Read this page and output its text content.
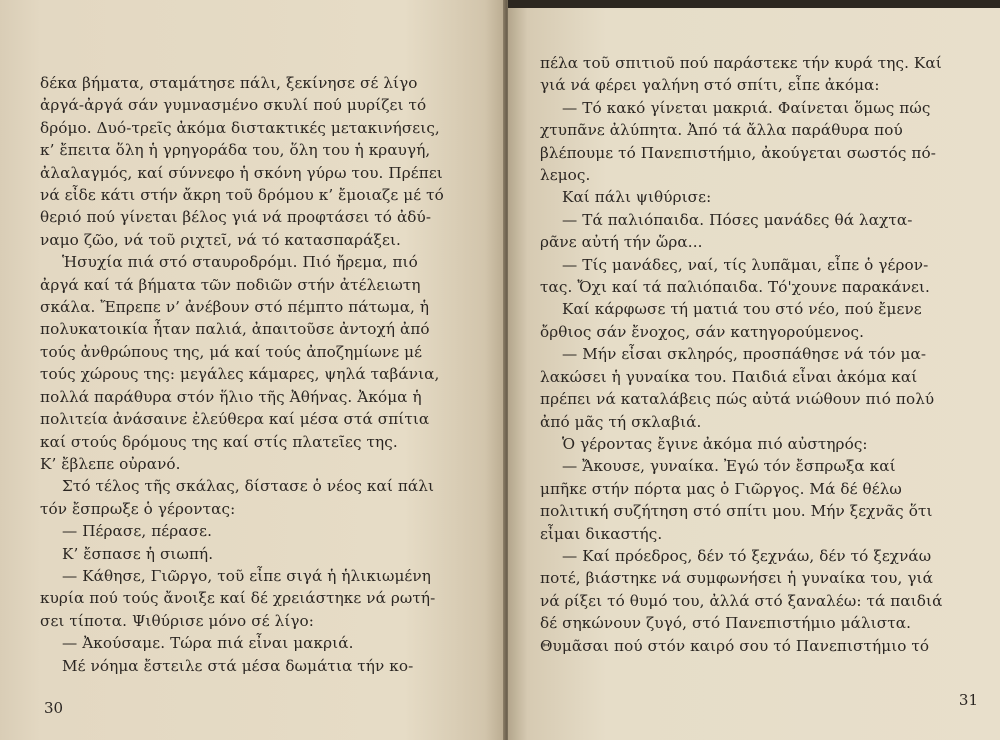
δέκα βήματα, σταμάτησε πάλι, ξεκίνησε σέ λίγο

ἀργά-ἀργά σάν γυμνασμένο σκυλί πού μυρίζει τό

δρόμο. Δυό-τρεῖς ἀκόμα διστακτικές μετακινήσεις,

κ’ ἔπειτα ὅλη ἡ γρηγοράδα του, ὅλη του ἡ κραυγή,

ἀλαλαγμός, καί σύννεφο ἡ σκόνη γύρω του. Πρέπει

νά εἶδε κάτι στήν ἄκρη τοῦ δρόμου κ’ ἔμοιαζε μέ τό

θεριό πού γίνεται βέλος γιά νά προφτάσει τό ἀδύ-

ναμο ζῶο, νά τοῦ ριχτεῖ, νά τό κατασπαράξει.

Ἡσυχία πιά στό σταυροδρόμι. Πιό ἤρεμα, πιό

ἀργά καί τά βήματα τῶν ποδιῶν στήν ἀτέλειωτη

σκάλα. Ἔπρεπε ν’ ἀνέβουν στό πέμπτο πάτωμα, ἡ

πολυκατοικία ἦταν παλιά, ἀπαιτοῦσε ἀντοχή ἀπό

τούς ἀνθρώπους της, μά καί τούς ἀποζημίωνε μέ

τούς χώρους της: μεγάλες κάμαρες, ψηλά ταβάνια,

πολλά παράθυρα στόν ἥλιο τῆς Ἀθήνας. Ἀκόμα ἡ

πολιτεία ἀνάσαινε ἐλεύθερα καί μέσα στά σπίτια

καί στούς δρόμους της καί στίς πλατεῖες της.

Κ’ ἔβλεπε οὐρανό.

Στό τέλος τῆς σκάλας, δίστασε ὁ νέος καί πάλι

τόν ἔσπρωξε ὁ γέροντας:

— Πέρασε, πέρασε.

Κ’ ἔσπασε ἡ σιωπή.

— Κάθησε, Γιῶργο, τοῦ εἶπε σιγά ἡ ἡλικιωμένη

κυρία πού τούς ἄνοιξε καί δέ χρειάστηκε νά ρωτή-

σει τίποτα. Ψιθύρισε μόνο σέ λίγο:

— Ἀκούσαμε. Τώρα πιά εἶναι μακριά.

Μέ νόημα ἔστειλε στά μέσα δωμάτια τήν κο-

30

πέλα τοῦ σπιτιοῦ πού παράστεκε τήν κυρά της. Καί

γιά νά φέρει γαλήνη στό σπίτι, εἶπε ἀκόμα:

— Τό κακό γίνεται μακριά. Φαίνεται ὅμως πώς

χτυπᾶνε ἀλύπητα. Ἀπό τά ἄλλα παράθυρα πού

βλέπουμε τό Πανεπιστήμιο, ἀκούγεται σωστός πό-

λεμος.

Καί πάλι ψιθύρισε:

— Τά παλιόπαιδα. Πόσες μανάδες θά λαχτα-

ρᾶνε αὐτή τήν ὥρα...

— Τίς μανάδες, ναί, τίς λυπᾶμαι, εἶπε ὁ γέρον-

τας. Ὄχι καί τά παλιόπαιδα. Τό'χουνε παρακάνει.

Καί κάρφωσε τή ματιά του στό νέο, πού ἔμενε

ὄρθιος σάν ἔνοχος, σάν κατηγορούμενος.

— Μήν εἶσαι σκληρός, προσπάθησε νά τόν μα-

λακώσει ἡ γυναίκα του. Παιδιά εἶναι ἀκόμα καί

πρέπει νά καταλάβεις πώς αὐτά νιώθουν πιό πολύ

ἀπό μᾶς τή σκλαβιά.

Ὁ γέροντας ἔγινε ἀκόμα πιό αὐστηρός:

— Ἄκουσε, γυναίκα. Ἐγώ τόν ἔσπρωξα καί

μπῆκε στήν πόρτα μας ὁ Γιῶργος. Μά δέ θέλω

πολιτική συζήτηση στό σπίτι μου. Μήν ξεχνᾶς ὅτι

εἶμαι δικαστής.

— Καί πρόεδρος, δέν τό ξεχνάω, δέν τό ξεχνάω

ποτέ, βιάστηκε νά συμφωνήσει ἡ γυναίκα του, γιά

νά ρίξει τό θυμό του, ἀλλά στό ξαναλέω: τά παιδιά

δέ σηκώνουν ζυγό, στό Πανεπιστήμιο μάλιστα.

Θυμᾶσαι πού στόν καιρό σου τό Πανεπιστήμιο τό

31
